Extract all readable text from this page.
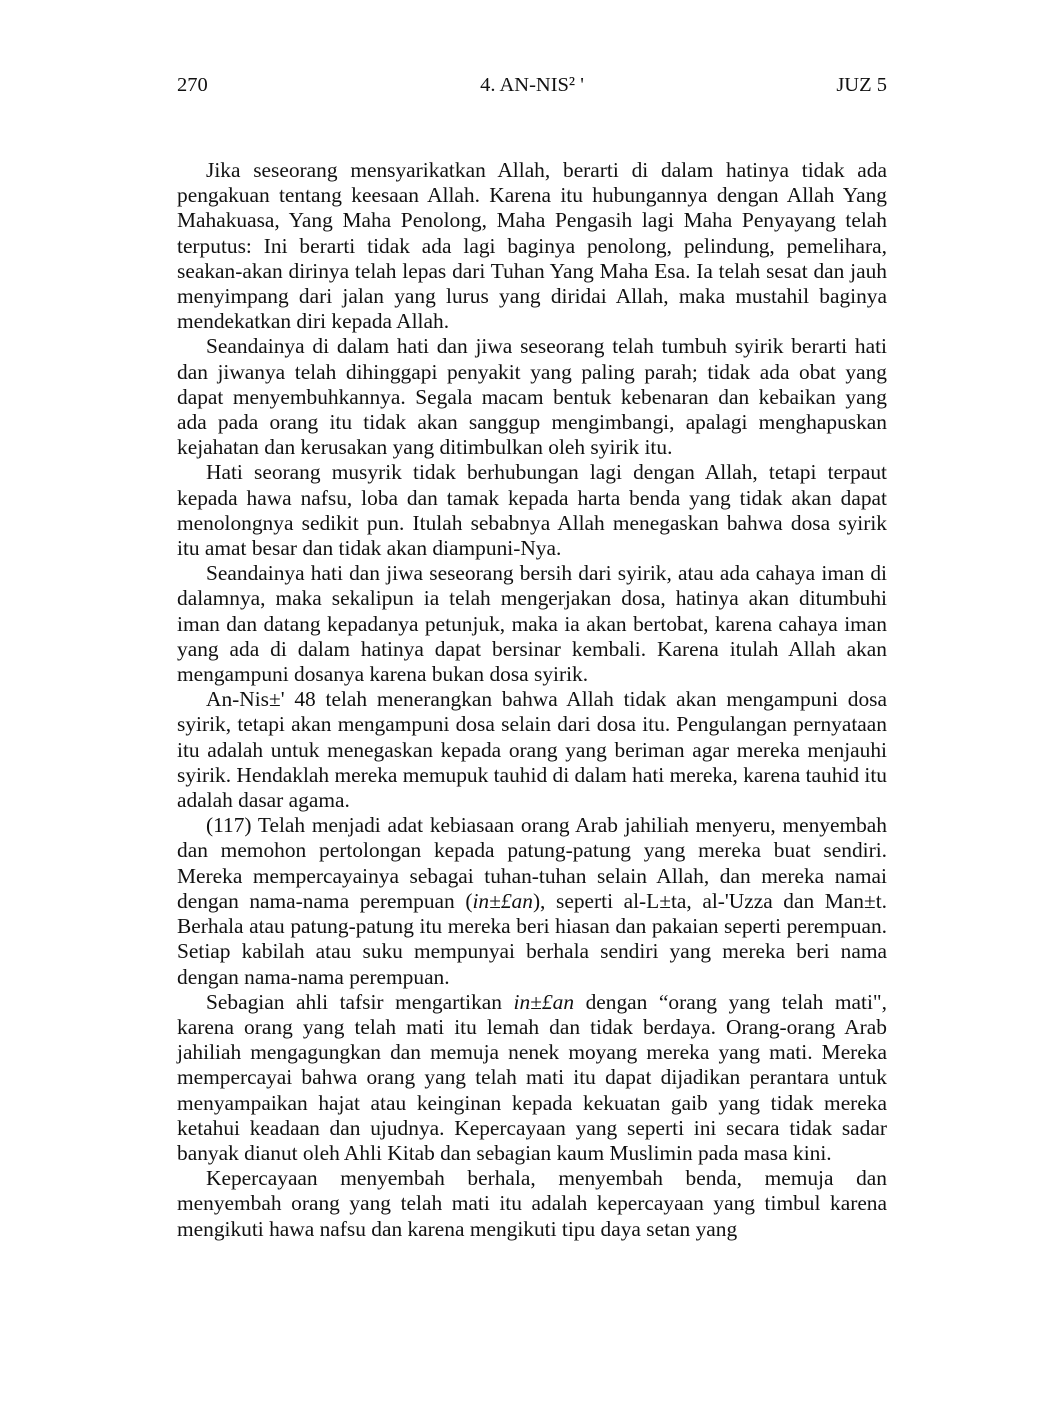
270	4. AN-NIS² '	JUZ 5

Jika seseorang mensyarikatkan Allah, berarti di dalam hatinya tidak ada pengakuan tentang keesaan Allah. Karena itu hubungannya dengan Allah Yang Mahakuasa, Yang Maha Penolong, Maha Pengasih lagi Maha Penyayang telah terputus: Ini berarti tidak ada lagi baginya penolong, pelindung, pemelihara, seakan-akan dirinya telah lepas dari Tuhan Yang Maha Esa. Ia telah sesat dan jauh menyimpang dari jalan yang lurus yang diridai Allah, maka mustahil baginya mendekatkan diri kepada Allah.

Seandainya di dalam hati dan jiwa seseorang telah tumbuh syirik berarti hati dan jiwanya telah dihinggapi penyakit yang paling parah; tidak ada obat yang dapat menyembuhkannya. Segala macam bentuk kebenaran dan kebaikan yang ada pada orang itu tidak akan sanggup mengimbangi, apalagi menghapuskan kejahatan dan kerusakan yang ditimbulkan oleh syirik itu.

Hati seorang musyrik tidak berhubungan lagi dengan Allah, tetapi terpaut kepada hawa nafsu, loba dan tamak kepada harta benda yang tidak akan dapat menolongnya sedikit pun. Itulah sebabnya Allah menegaskan bahwa dosa syirik itu amat besar dan tidak akan diampuni-Nya.

Seandainya hati dan jiwa seseorang bersih dari syirik, atau ada cahaya iman di dalamnya, maka sekalipun ia telah mengerjakan dosa, hatinya akan ditumbuhi iman dan datang kepadanya petunjuk, maka ia akan bertobat, karena cahaya iman yang ada di dalam hatinya dapat bersinar kembali. Karena itulah Allah akan mengampuni dosanya karena bukan dosa syirik.

An-Nis±' 48 telah menerangkan bahwa Allah tidak akan mengampuni dosa syirik, tetapi akan mengampuni dosa selain dari dosa itu. Pengulangan pernyataan itu adalah untuk menegaskan kepada orang yang beriman agar mereka menjauhi syirik. Hendaklah mereka memupuk tauhid di dalam hati mereka, karena tauhid itu adalah dasar agama.

(117) Telah menjadi adat kebiasaan orang Arab jahiliah menyeru, menyembah dan memohon pertolongan kepada patung-patung yang mereka buat sendiri. Mereka mempercayainya sebagai tuhan-tuhan selain Allah, dan mereka namai dengan nama-nama perempuan (in±£an), seperti al-L±ta, al-'Uzza dan Man±t. Berhala atau patung-patung itu mereka beri hiasan dan pakaian seperti perempuan. Setiap kabilah atau suku mempunyai berhala sendiri yang mereka beri nama dengan nama-nama perempuan.

Sebagian ahli tafsir mengartikan in±£an dengan “orang yang telah mati", karena orang yang telah mati itu lemah dan tidak berdaya. Orang-orang Arab jahiliah mengagungkan dan memuja nenek moyang mereka yang mati. Mereka mempercayai bahwa orang yang telah mati itu dapat dijadikan perantara untuk menyampaikan hajat atau keinginan kepada kekuatan gaib yang tidak mereka ketahui keadaan dan ujudnya. Kepercayaan yang seperti ini secara tidak sadar banyak dianut oleh Ahli Kitab dan sebagian kaum Muslimin pada masa kini.

Kepercayaan menyembah berhala, menyembah benda, memuja dan menyembah orang yang telah mati itu adalah kepercayaan yang timbul karena mengikuti hawa nafsu dan karena mengikuti tipu daya setan yang
